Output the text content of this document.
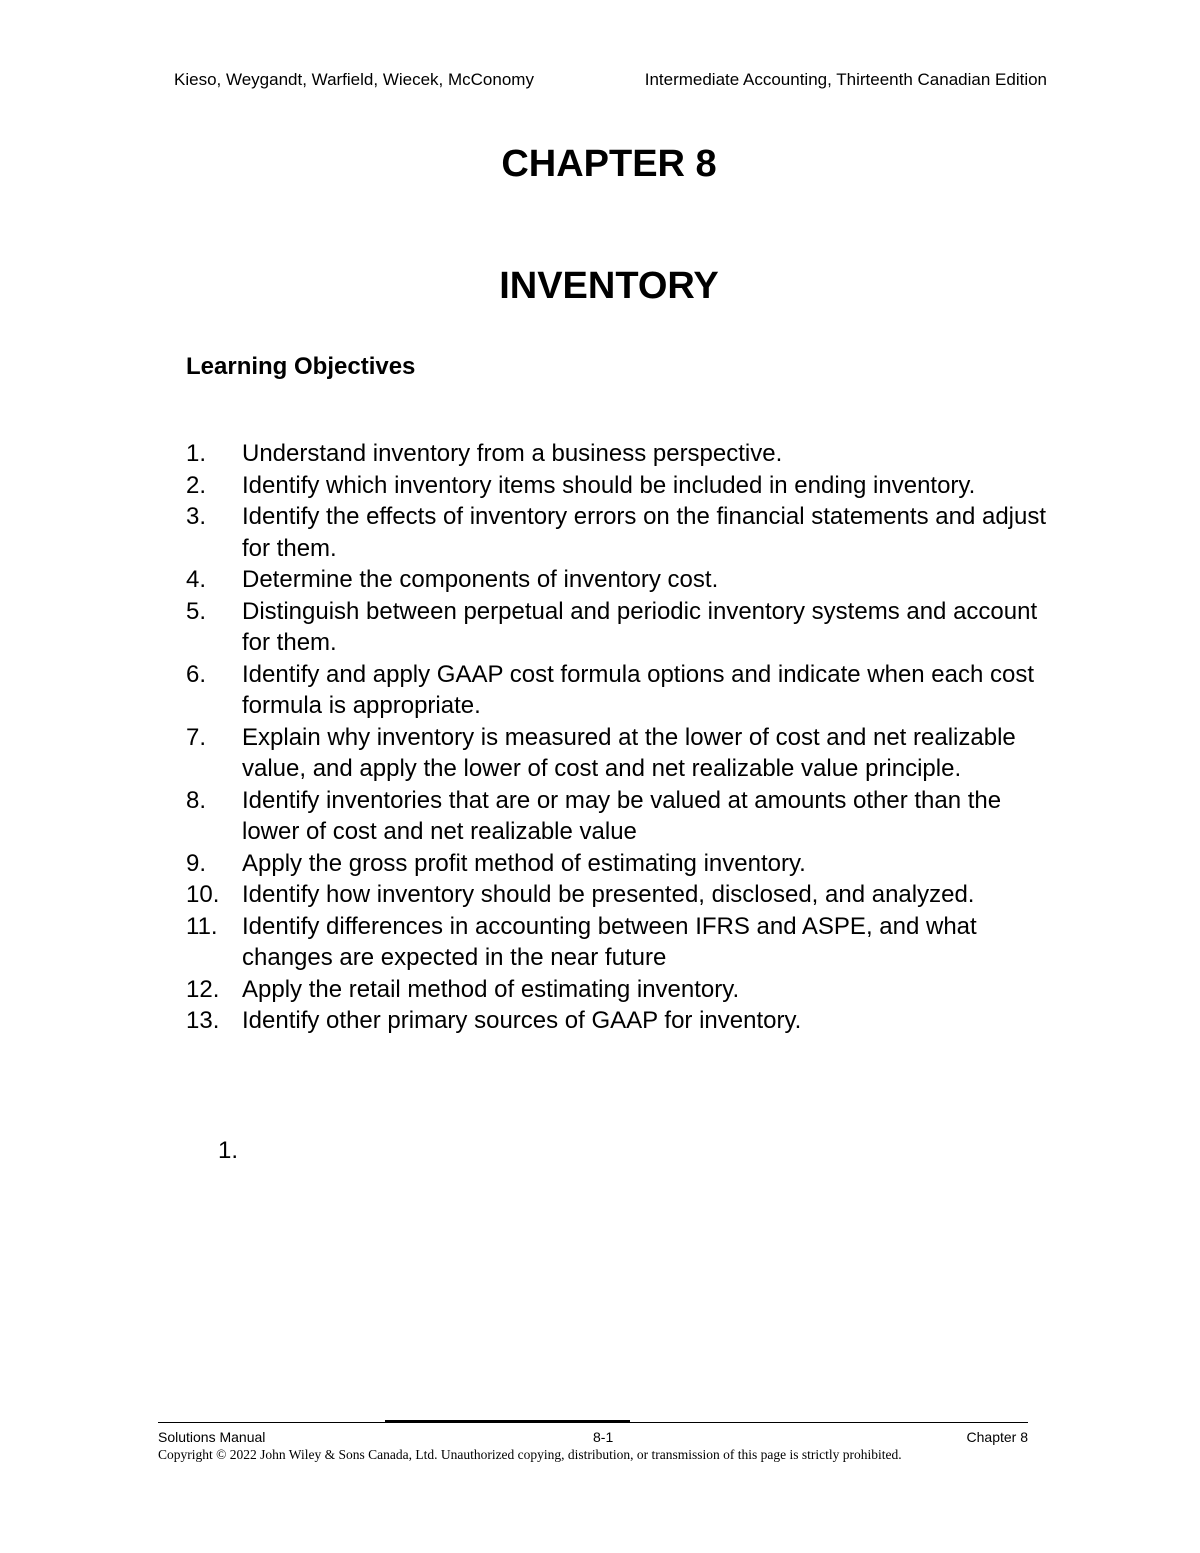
Kieso, Weygandt, Warfield, Wiecek, McConomy	Intermediate Accounting, Thirteenth Canadian Edition
CHAPTER 8
INVENTORY
Learning Objectives
1.	Understand inventory from a business perspective.
2.	Identify which inventory items should be included in ending inventory.
3.	Identify the effects of inventory errors on the financial statements and adjust for them.
4.	Determine the components of inventory cost.
5.	Distinguish between perpetual and periodic inventory systems and account for them.
6.	Identify and apply GAAP cost formula options and indicate when each cost formula is appropriate.
7.	Explain why inventory is measured at the lower of cost and net realizable value, and apply the lower of cost and net realizable value principle.
8.	Identify inventories that are or may be valued at amounts other than the lower of cost and net realizable value
9.	Apply the gross profit method of estimating inventory.
10. Identify how inventory should be presented, disclosed, and analyzed.
11.	Identify differences in accounting between IFRS and ASPE, and what changes are expected in the near future
12. Apply the retail method of estimating inventory.
13. Identify other primary sources of GAAP for inventory.
1.
Solutions Manual	8-1	Chapter 8
Copyright © 2022 John Wiley & Sons Canada, Ltd. Unauthorized copying, distribution, or transmission of this page is strictly prohibited.
